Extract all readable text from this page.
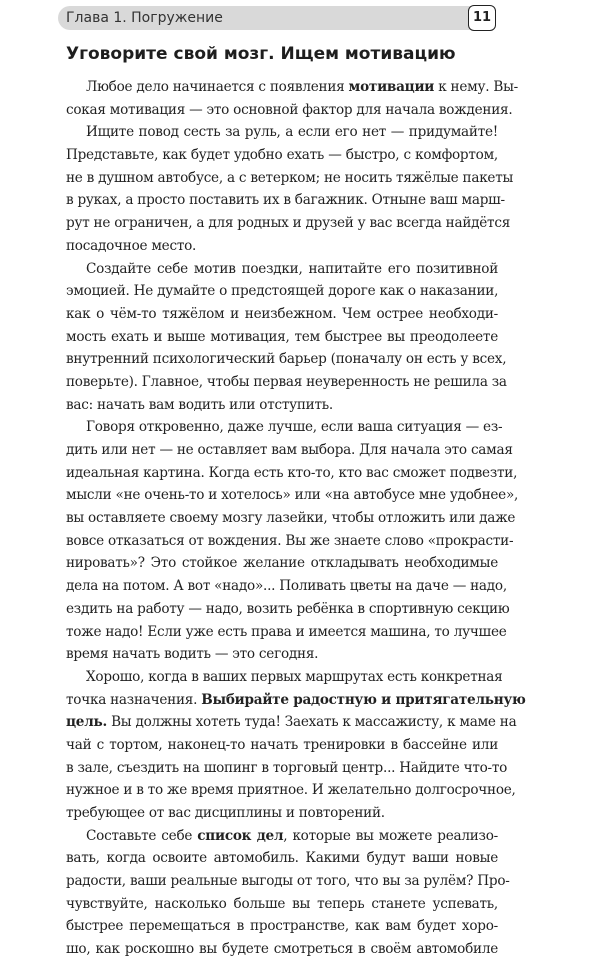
Глава 1. Погружение	11
Уговорите свой мозг. Ищем мотивацию
Любое дело начинается с появления мотивации к нему. Вы-
сокая мотивация — это основной фактор для начала вождения.
Ищите повод сесть за руль, а если его нет — придумайте!
Представьте, как будет удобно ехать — быстро, с комфортом,
не в душном автобусе, а с ветерком; не носить тяжёлые пакеты
в руках, а просто поставить их в багажник. Отныне ваш марш-
рут не ограничен, а для родных и друзей у вас всегда найдётся
посадочное место.
Создайте себе мотив поездки, напитайте его позитивной
эмоцией. Не думайте о предстоящей дороге как о наказании,
как о чём-то тяжёлом и неизбежном. Чем острее необходи-
мость ехать и выше мотивация, тем быстрее вы преодолеете
внутренний психологический барьер (поначалу он есть у всех,
поверьте). Главное, чтобы первая неуверенность не решила за
вас: начать вам водить или отступить.
Говоря откровенно, даже лучше, если ваша ситуация — ез-
дить или нет — не оставляет вам выбора. Для начала это самая
идеальная картина. Когда есть кто-то, кто вас сможет подвезти,
мысли «не очень-то и хотелось» или «на автобусе мне удобнее»,
вы оставляете своему мозгу лазейки, чтобы отложить или даже
вовсе отказаться от вождения. Вы же знаете слово «прокрасти-
нировать»? Это стойкое желание откладывать необходимые
дела на потом. А вот «надо»... Поливать цветы на даче — надо,
ездить на работу — надо, возить ребёнка в спортивную секцию
тоже надо! Если уже есть права и имеется машина, то лучшее
время начать водить — это сегодня.
Хорошо, когда в ваших первых маршрутах есть конкретная
точка назначения. Выбирайте радостную и притягательную
цель. Вы должны хотеть туда! Заехать к массажисту, к маме на
чай с тортом, наконец-то начать тренировки в бассейне или
в зале, съездить на шопинг в торговый центр... Найдите что-то
нужное и в то же время приятное. И желательно долгосрочное,
требующее от вас дисциплины и повторений.
Составьте себе список дел, которые вы можете реализо-
вать, когда освоите автомобиль. Какими будут ваши новые
радости, ваши реальные выгоды от того, что вы за рулём? Про-
чувствуйте, насколько больше вы теперь станете успевать,
быстрее перемещаться в пространстве, как вам будет хоро-
шо, как роскошно вы будете смотреться в своём автомобиле
